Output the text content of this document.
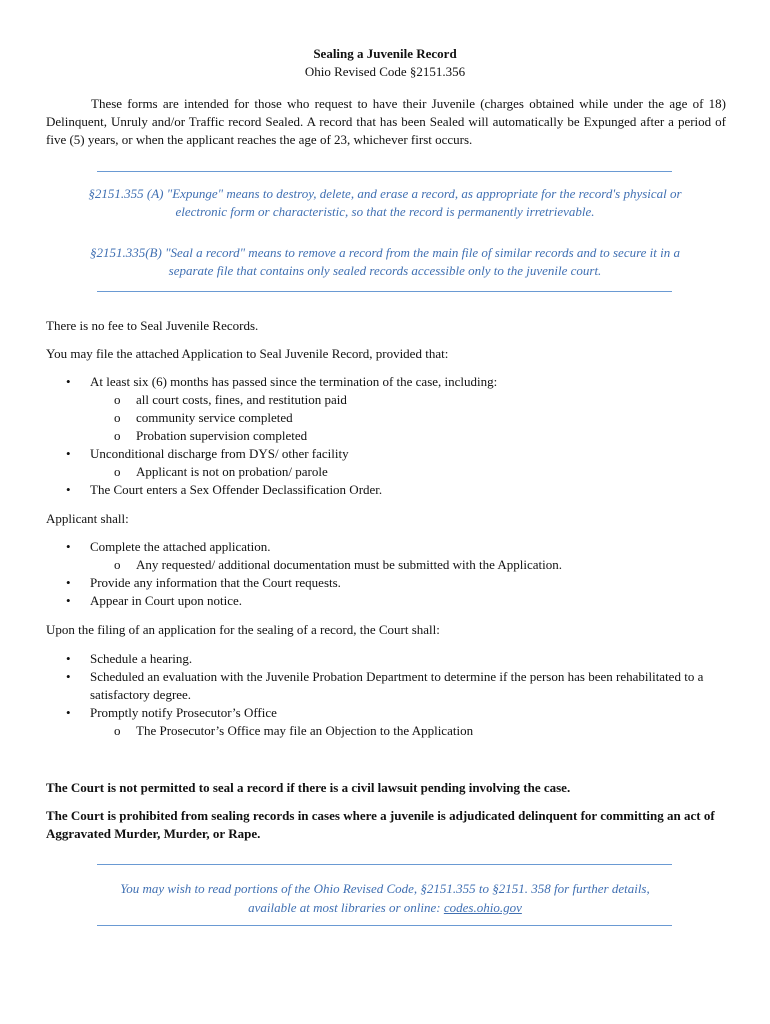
Sealing a Juvenile Record
Ohio Revised Code §2151.356

These forms are intended for those who request to have their Juvenile (charges obtained while under the age of 18) Delinquent, Unruly and/or Traffic record Sealed. A record that has been Sealed will automatically be Expunged after a period of five (5) years, or when the applicant reaches the age of 23, whichever first occurs.

§2151.355 (A) "Expunge" means to destroy, delete, and erase a record, as appropriate for the record's physical or electronic form or characteristic, so that the record is permanently irretrievable.

§2151.335(B) "Seal a record" means to remove a record from the main file of similar records and to secure it in a separate file that contains only sealed records accessible only to the juvenile court.

There is no fee to Seal Juvenile Records.

You may file the attached Application to Seal Juvenile Record, provided that:

• At least six (6) months has passed since the termination of the case, including:
o all court costs, fines, and restitution paid
o community service completed
o Probation supervision completed
• Unconditional discharge from DYS/ other facility
o Applicant is not on probation/ parole
• The Court enters a Sex Offender Declassification Order.

Applicant shall:

• Complete the attached application.
o Any requested/ additional documentation must be submitted with the Application.
• Provide any information that the Court requests.
• Appear in Court upon notice.

Upon the filing of an application for the sealing of a record, the Court shall:

• Schedule a hearing.
• Scheduled an evaluation with the Juvenile Probation Department to determine if the person has been rehabilitated to a satisfactory degree.
• Promptly notify Prosecutor’s Office
o The Prosecutor’s Office may file an Objection to the Application

The Court is not permitted to seal a record if there is a civil lawsuit pending involving the case.

The Court is prohibited from sealing records in cases where a juvenile is adjudicated delinquent for committing an act of Aggravated Murder, Murder, or Rape.

You may wish to read portions of the Ohio Revised Code, §2151.355 to §2151. 358 for further details,
available at most libraries or online: codes.ohio.gov
